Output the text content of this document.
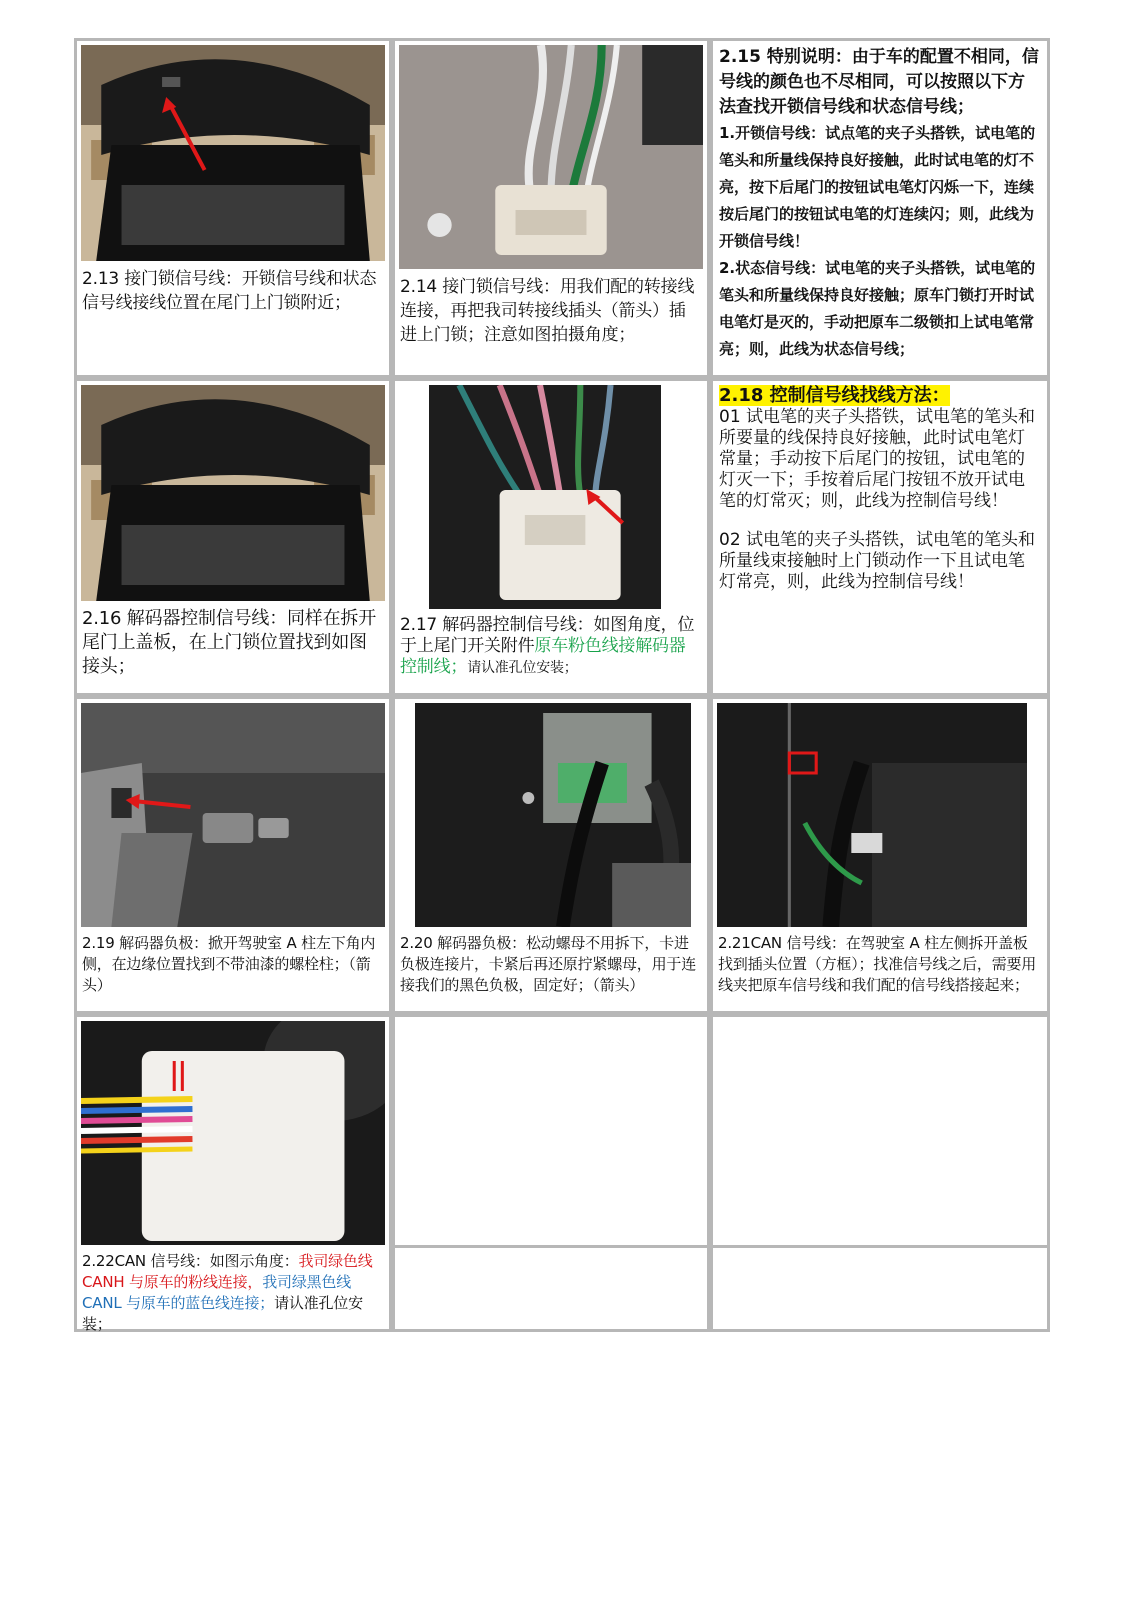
2.13 接门锁信号线：开锁信号线和状态信号线接线位置在尾门上门锁附近；	2.14 接门锁信号线：用我们配的转接线连接，再把我司转接线插头（箭头）插进上门锁；注意如图拍摄角度；	2.15 特别说明：由于车的配置不相同，信号线的颜色也不尽相同，可以按照以下方法查找开锁信号线和状态信号线；
1.开锁信号线：试点笔的夹子头搭铁，试电笔的笔头和所量线保持良好接触，此时试电笔的灯不亮，按下后尾门的按钮试电笔灯闪烁一下，连续按后尾门的按钮试电笔的灯连续闪；则，此线为开锁信号线！
2.状态信号线：试电笔的夹子头搭铁，试电笔的笔头和所量线保持良好接触；原车门锁打开时试电笔灯是灭的，手动把原车二级锁扣上试电笔常亮；则，此线为状态信号线；

2.16 解码器控制信号线：同样在拆开尾门上盖板，在上门锁位置找到如图接头；	2.17 解码器控制信号线：如图角度，位于上尾门开关附件原车粉色线接解码器控制线；请认准孔位安装；	2.18 控制信号线找线方法：
01 试电笔的夹子头搭铁，试电笔的笔头和所要量的线保持良好接触，此时试电笔灯常量；手动按下后尾门的按钮，试电笔的灯灭一下；手按着后尾门按钮不放开试电笔的灯常灭；则，此线为控制信号线！
02 试电笔的夹子头搭铁，试电笔的笔头和所量线束接触时上门锁动作一下且试电笔灯常亮，则，此线为控制信号线！

2.19 解码器负极：掀开驾驶室 A 柱左下角内侧，在边缘位置找到不带油漆的螺栓柱；（箭头）	2.20 解码器负极：松动螺母不用拆下，卡进负极连接片，卡紧后再还原拧紧螺母，用于连接我们的黑色负极，固定好；（箭头）	2.21CAN 信号线：在驾驶室 A 柱左侧拆开盖板找到插头位置（方框）；找准信号线之后，需要用线夹把原车信号线和我们配的信号线搭接起来；

2.22CAN 信号线：如图示角度：我司绿色线 CANH 与原车的粉线连接，我司绿黑色线 CANL 与原车的蓝色线连接；请认准孔位安装；		
